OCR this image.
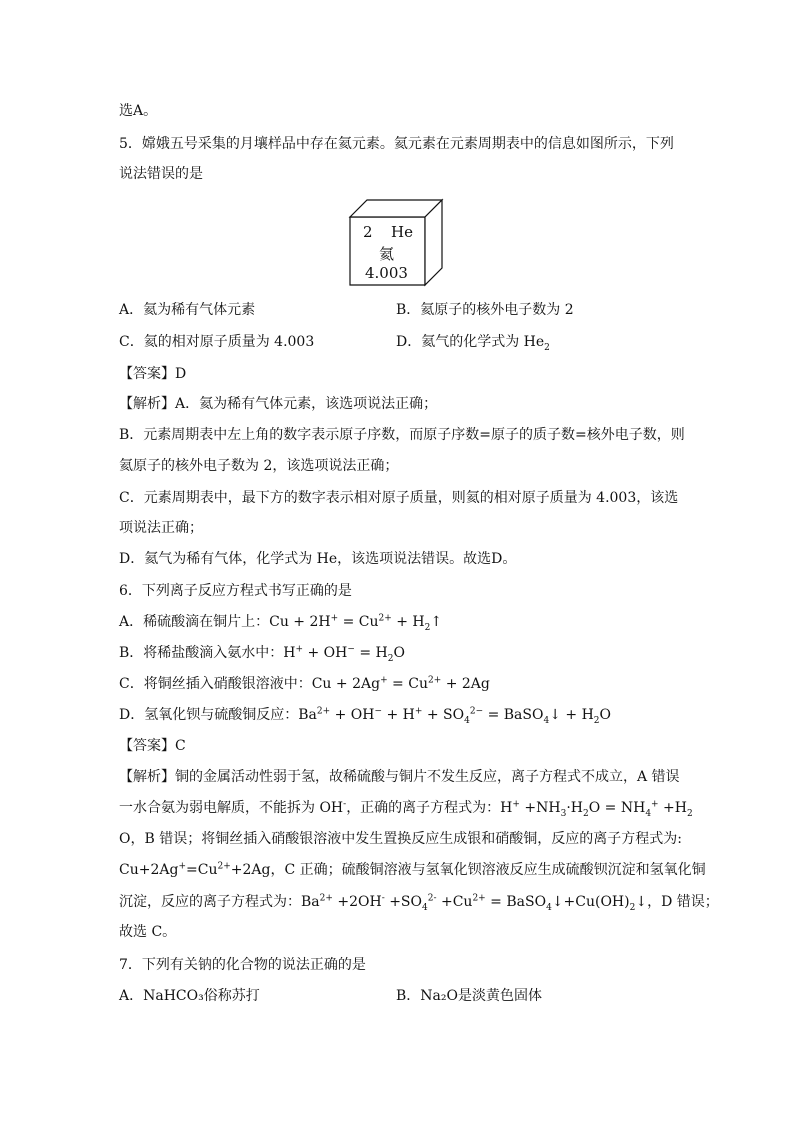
选A。
5．嫦娥五号采集的月壤样品中存在氦元素。氦元素在元素周期表中的信息如图所示，下列
说法错误的是
2 He
氦
4.003
A．氦为稀有气体元素	B．氦原子的核外电子数为 2
C．氦的相对原子质量为 4.003	D．氦气的化学式为 $He_2$
【答案】D
【解析】A．氦为稀有气体元素，该选项说法正确；
B．元素周期表中左上角的数字表示原子序数，而原子序数=原子的质子数=核外电子数，则
氦原子的核外电子数为 2，该选项说法正确；
C．元素周期表中，最下方的数字表示相对原子质量，则氦的相对原子质量为 4.003，该选
项说法正确；
D．氦气为稀有气体，化学式为 He，该选项说法错误。故选D。
6．下列离子反应方程式书写正确的是
A．稀硫酸滴在铜片上：$Cu + 2H^+ = Cu^{2+}$ + $H_2↑$
B．将稀盐酸滴入氨水中：$H^+ + OH^- = H_2O$
C．将铜丝插入硝酸银溶液中：$Cu + 2Ag^+ = Cu^{2+} + 2Ag$
D．氢氧化钡与硫酸铜反应：$Ba^{2+} + OH^- + H^+ + SO_4^{2-}$ = BaSO$_4$↓ + $H_2O$
【答案】C
【解析】铜的金属活动性弱于氢，故稀硫酸与铜片不发生反应，离子方程式不成立，A 错误
一水合氨为弱电解质，不能拆为 OH-，正确的离子方程式为：$H^+ +NH_3\cdot H_2O = NH_4^+ +H_2$
O，B 错误；将铜丝插入硝酸银溶液中发生置换反应生成银和硝酸铜，反应的离子方程式为:
$Cu+2Ag^+=Cu^{2+}+2Ag$，C 正确；硫酸铜溶液与氢氧化钡溶液反应生成硫酸钡沉淀和氢氧化铜
沉淀，反应的离子方程式为：$Ba^{2+} +2OH^- +SO_4^{2-} +Cu^{2+}$ = $BaSO_4↓+Cu(OH)_2↓$，D 错误；
故选 C。
7．下列有关钠的化合物的说法正确的是
A．NaHCO₃俗称苏打	B．Na₂O是淡黄色固体
